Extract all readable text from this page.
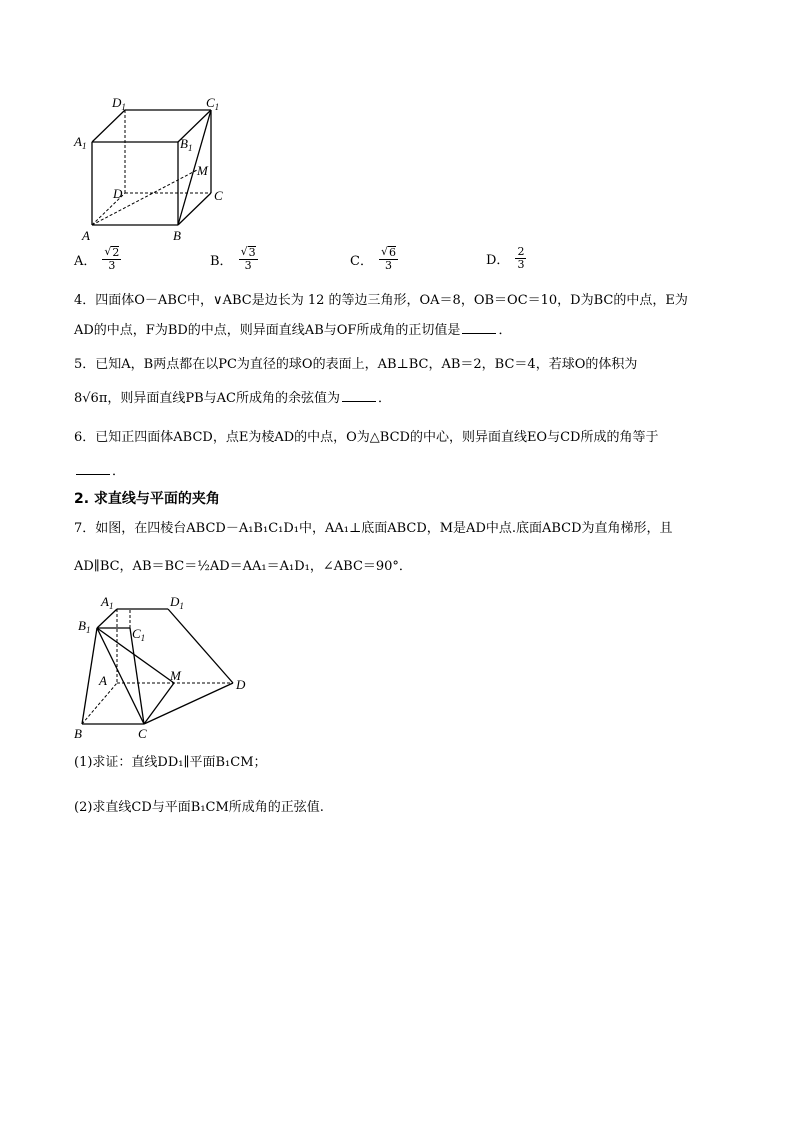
$D_1$	$C_1$
$A_1$	$B_1$
M
D	C
A	B
A． $\frac{√ 2}{3}$	B． $\frac{√ 3}{3}$	C． $\frac{√ 6}{3}$	D． $\frac{2}{3}$
4．四面体O－ABC中，∨ABC是边长为 12 的等边三角形，OA＝8，OB＝OC＝10，D为BC的中点，E为
AD的中点，F为BD的中点，则异面直线AB与OF所成角的正切值是	．
5．已知A，B两点都在以PC为直径的球O的表面上，AB⊥BC，AB＝2，BC＝4，若球O的体积为
8√6π，则异面直线PB与AC所成角的余弦值为	．
6．已知正四面体ABCD，点E为棱AD的中点，O为△BCD的中心，则异面直线EO与CD所成的角等于
．
2. 求直线与平面的夹角
7．如图，在四棱台ABCD－A₁B₁C₁D₁中，AA₁⊥底面ABCD，M是AD中点.底面ABCD为直角梯形，且
AD∥BC，AB＝BC＝½AD＝AA₁＝A₁D₁，∠ABC＝90°．
$A_1$	$D_1$
$B_1$	$C_1$
A	M
D
B	C
(1)求证：直线DD₁∥平面B₁CM；
(2)求直线CD与平面B₁CM所成角的正弦值.
